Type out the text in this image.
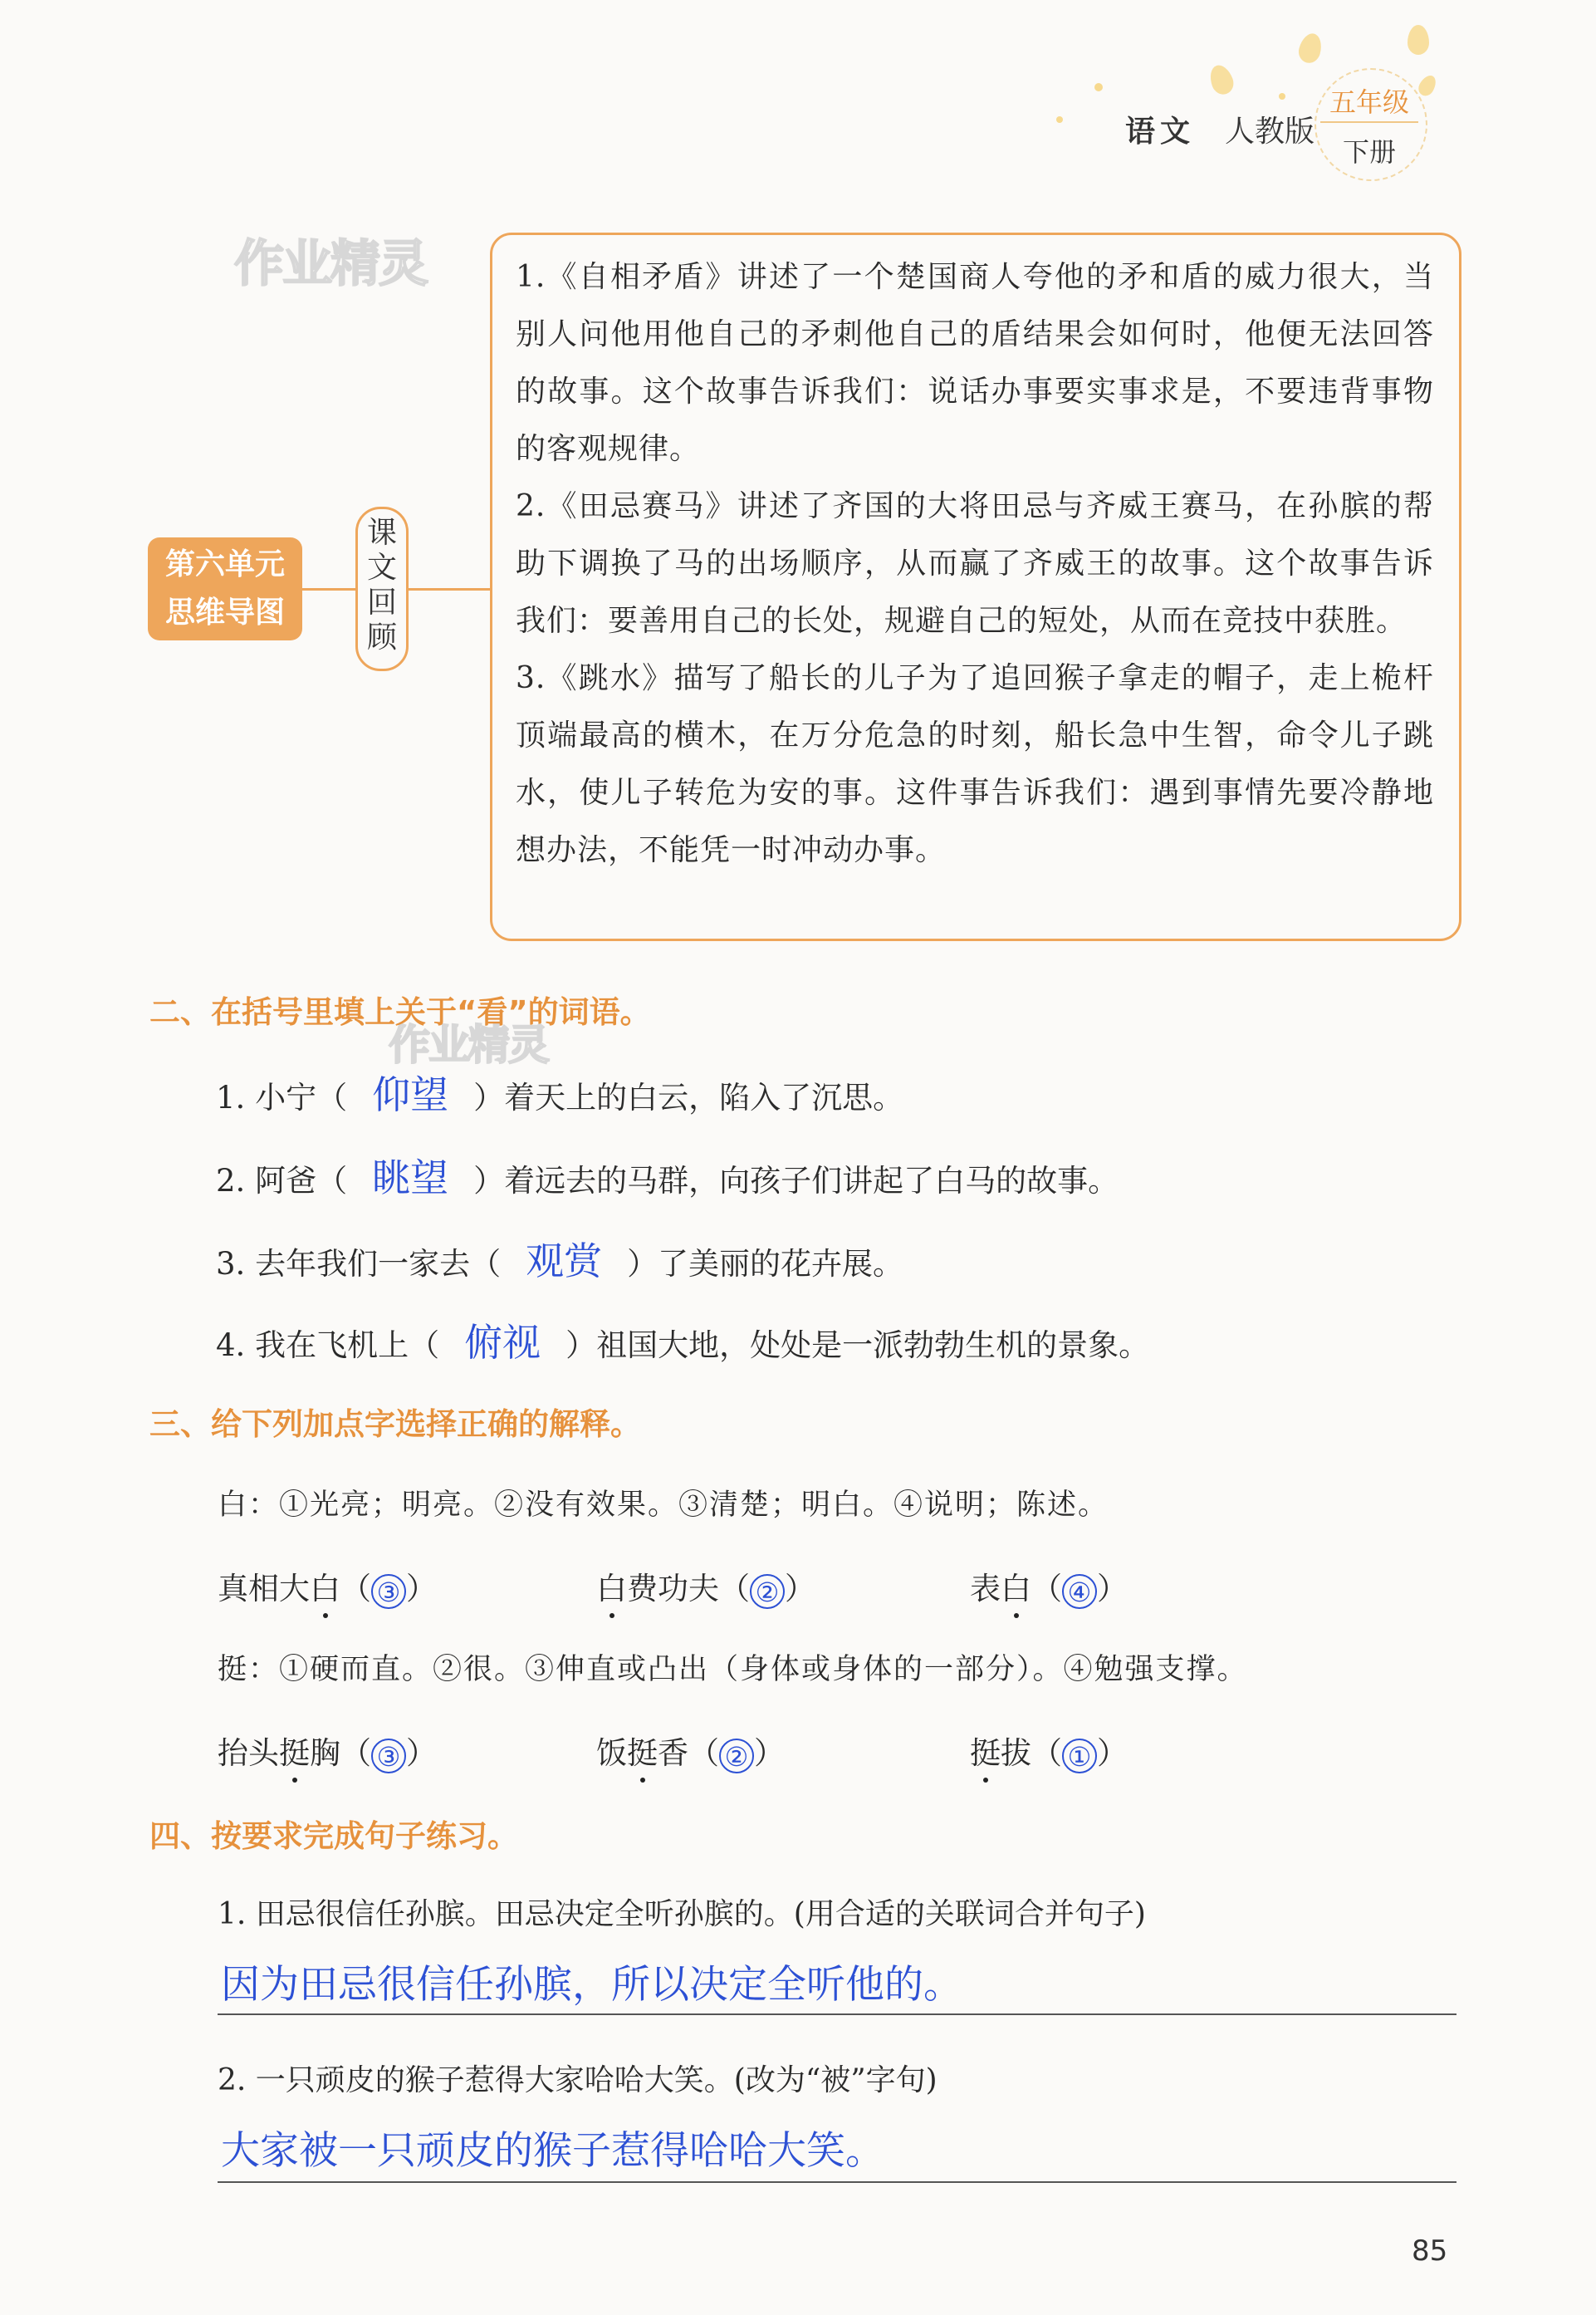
语文 人教版
五年级
下册
作业精灵
作业精灵
第六单元
思维导图
课
文
回
顾

1.《自相矛盾》讲述了一个楚国商人夸他的矛和盾的威力很大，当别人问他用他自己的矛刺他自己的盾结果会如何时，他便无法回答的故事。这个故事告诉我们：说话办事要实事求是，不要违背事物的客观规律。

2.《田忌赛马》讲述了齐国的大将田忌与齐威王赛马，在孙膑的帮助下调换了马的出场顺序，从而赢了齐威王的故事。这个故事告诉我们：要善用自己的长处，规避自己的短处，从而在竞技中获胜。

3.《跳水》描写了船长的儿子为了追回猴子拿走的帽子，走上桅杆顶端最高的横木，在万分危急的时刻，船长急中生智，命令儿子跳水，使儿子转危为安的事。这件事告诉我们：遇到事情先要冷静地想办法，不能凭一时冲动办事。

二、在括号里填上关于“看”的词语。
1. 小宁（ 仰望 ）着天上的白云，陷入了沉思。
2. 阿爸（ 眺望 ）着远去的马群，向孩子们讲起了白马的故事。
3. 去年我们一家去（ 观赏 ）了美丽的花卉展。
4. 我在飞机上（ 俯视 ）祖国大地，处处是一派勃勃生机的景象。
三、给下列加点字选择正确的解释。
白：①光亮；明亮。②没有效果。③清楚；明白。④说明；陈述。
真相大白（ ③ ）	白费功夫（ ② ）	表白（ ④ ）
挺：①硬而直。②很。③伸直或凸出（身体或身体的一部分）。④勉强支撑。
抬头挺胸（ ③ ）	饭挺香（ ② ）	挺拔（ ① ）
四、按要求完成句子练习。
1. 田忌很信任孙膑。田忌决定全听孙膑的。(用合适的关联词合并句子)
因为田忌很信任孙膑，所以决定全听他的。
2. 一只顽皮的猴子惹得大家哈哈大笑。(改为“被”字句)
大家被一只顽皮的猴子惹得哈哈大笑。
85
